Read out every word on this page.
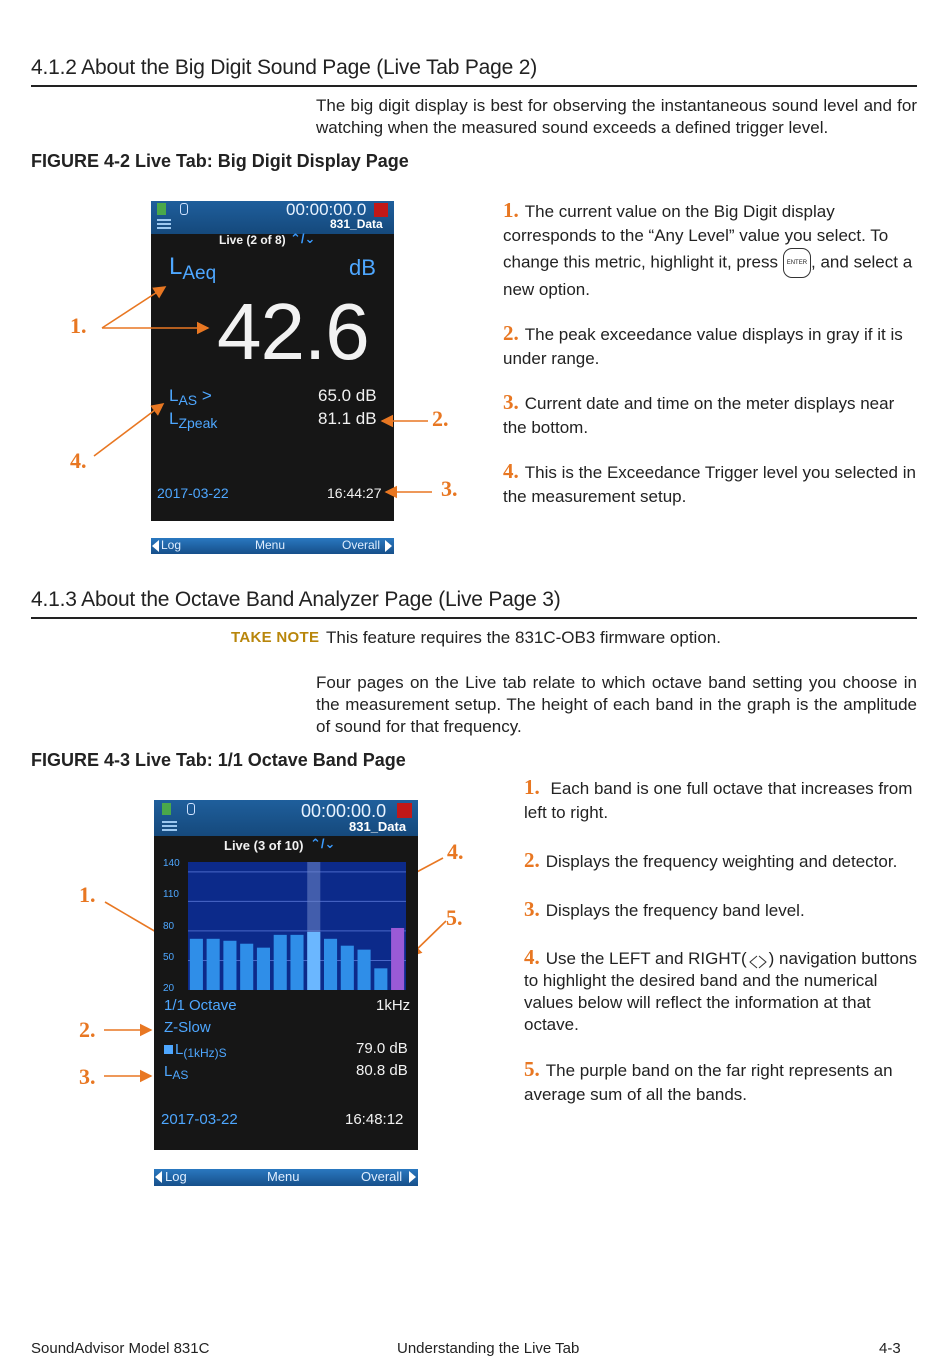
4.1.2 About the Big Digit Sound Page (Live Tab Page 2)
The big digit display is best for observing the instantaneous sound level and for watching when the measured sound exceeds a defined trigger level.
FIGURE 4-2 Live Tab: Big Digit Display Page
00:00:00.0
831_Data
Live (2 of 8) ⌃/⌄
$L_{Aeq}$	dB
42.6
$L_{AS}$ >	65.0 dB
$L_{Zpeak}$	81.1 dB
2017-03-22	16:44:27
Log	Menu	Overall
1.
2.
3.
4.
1. The current value on the Big Digit display corresponds to the “Any Level” value you select. To change this metric, highlight it, press ENTER , and select a new option.
2. The peak exceedance value displays in gray if it is under range.
3. Current date and time on the meter displays near the bottom.
4. This is the Exceedance Trigger level you selected in the measurement setup.
4.1.3 About the Octave Band Analyzer Page (Live Page 3)
TAKE NOTE This feature requires the 831C-OB3 firmware option.
Four pages on the Live tab relate to which octave band setting you choose in the measurement setup. The height of each band in the graph is the amplitude of sound for that frequency.
FIGURE 4-3 Live Tab: 1/1 Octave Band Page
00:00:00.0
831_Data
Live (3 of 10) ⌃/⌄
140
110
80
50
20
1/1 Octave	1kHz
Z-Slow
$L_{(1kHz)S}$	79.0 dB
$L_{AS}$	80.8 dB
2017-03-22	16:48:12
Log	Menu	Overall
1.
2.
3.
4.
5.
1. Each band is one full octave that increases from left to right.
2. Displays the frequency weighting and detector.
3. Displays the frequency band level.
4. Use the LEFT and RIGHT( ) navigation buttons to highlight the desired band and the numerical values below will reflect the information at that octave.
5. The purple band on the far right represents an average sum of all the bands.
SoundAdvisor Model 831C	Understanding the Live Tab	4-3
